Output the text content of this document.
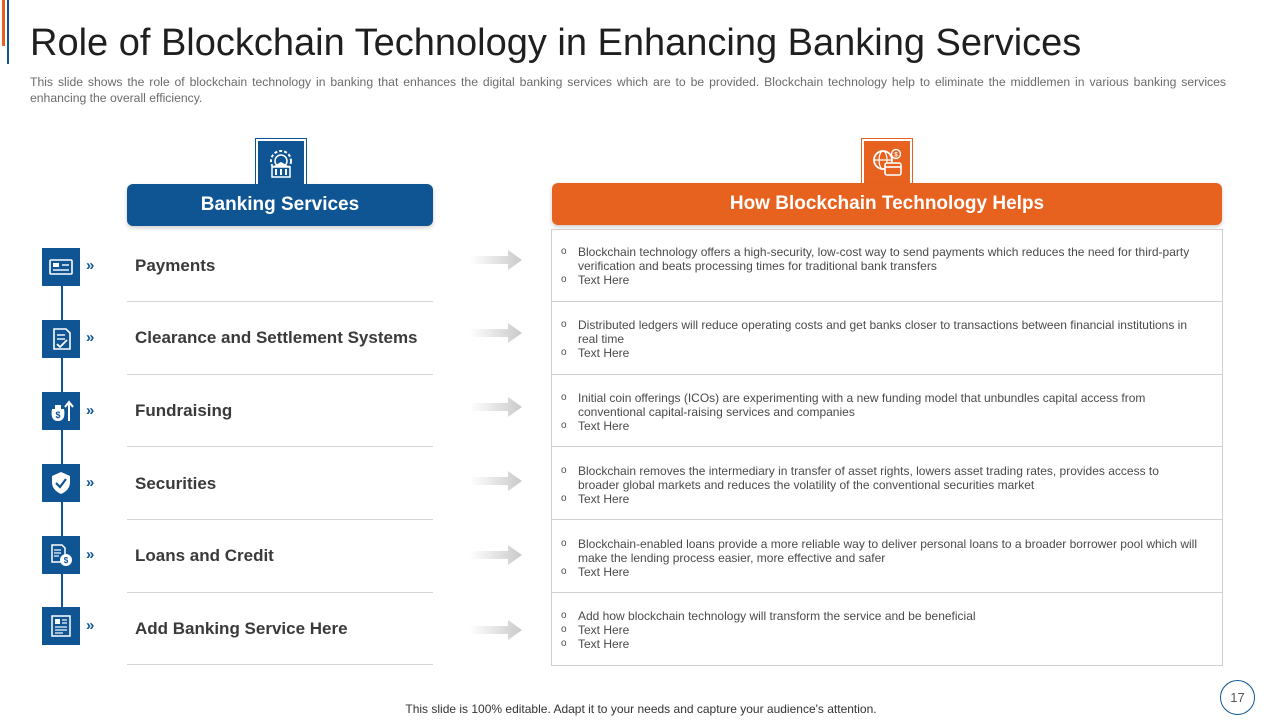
Role of Blockchain Technology in Enhancing Banking Services

This slide shows the role of blockchain technology in banking that enhances the digital banking services which are to be provided. Blockchain technology help to eliminate the middlemen in various banking services enhancing the overall efficiency.

$
Banking Services	How Blockchain Technology Helps
» Payments
o Blockchain technology offers a high-security, low-cost way to send payments which reduces the need for third-party verification and beats processing times for traditional bank transfers
o Text Here
» Clearance and Settlement Systems
o Distributed ledgers will reduce operating costs and get banks closer to transactions between financial institutions in real time
o Text Here
$ » Fundraising
o Initial coin offerings (ICOs) are experimenting with a new funding model that unbundles capital access from conventional capital-raising services and companies
o Text Here
» Securities
o Blockchain removes the intermediary in transfer of asset rights, lowers asset trading rates, provides access to broader global markets and reduces the volatility of the conventional securities market
o Text Here
$ » Loans and Credit
o Blockchain-enabled loans provide a more reliable way to deliver personal loans to a broader borrower pool which will make the lending process easier, more effective and safer
o Text Here
» Add Banking Service Here
o Add how blockchain technology will transform the service and be beneficial
o Text Here
o Text Here
This slide is 100% editable. Adapt it to your needs and capture your audience's attention.
17
